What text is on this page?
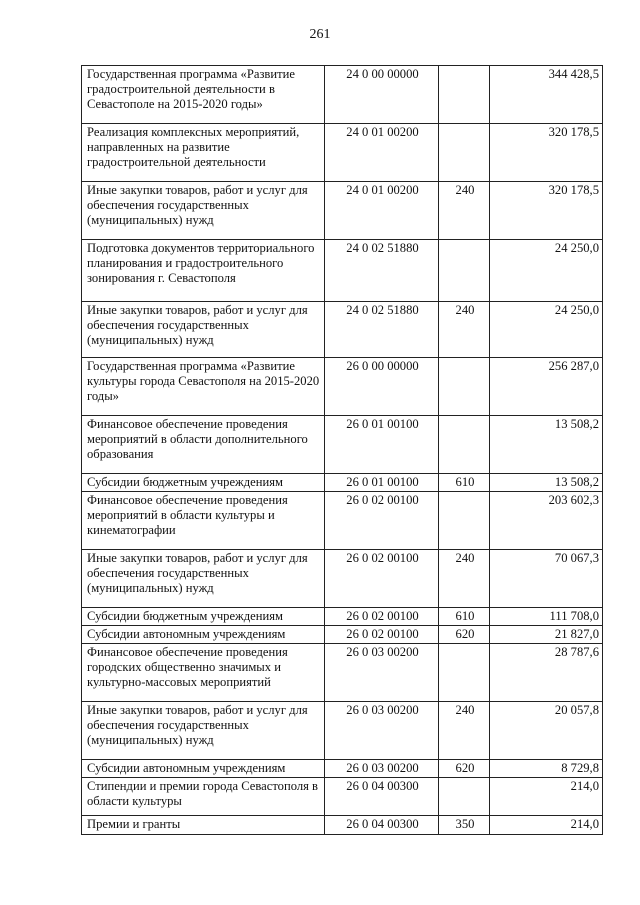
261
Государственная программа «Развитие градостроительной деятельности в Севастополе на 2015-2020 годы»	24 0 00 00000		344 428,5
Реализация комплексных мероприятий, направленных на развитие градостроительной деятельности	24 0 01 00200		320 178,5
Иные закупки товаров, работ и услуг для обеспечения государственных (муниципальных) нужд	24 0 01 00200	240	320 178,5
Подготовка документов территориального планирования и градостроительного зонирования г. Севастополя	24 0 02 51880		24 250,0
Иные закупки товаров, работ и услуг для обеспечения государственных (муниципальных) нужд	24 0 02 51880	240	24 250,0
Государственная программа «Развитие культуры города Севастополя на 2015-2020 годы»	26 0 00 00000		256 287,0
Финансовое обеспечение проведения мероприятий в области дополнительного образования	26 0 01 00100		13 508,2
Субсидии бюджетным учреждениям	26 0 01 00100	610	13 508,2
Финансовое обеспечение проведения мероприятий в области культуры и кинематографии	26 0 02 00100		203 602,3
Иные закупки товаров, работ и услуг для обеспечения государственных (муниципальных) нужд	26 0 02 00100	240	70 067,3
Субсидии бюджетным учреждениям	26 0 02 00100	610	111 708,0
Субсидии автономным учреждениям	26 0 02 00100	620	21 827,0
Финансовое обеспечение проведения городских общественно значимых и культурно-массовых мероприятий	26 0 03 00200		28 787,6
Иные закупки товаров, работ и услуг для обеспечения государственных (муниципальных) нужд	26 0 03 00200	240	20 057,8
Субсидии автономным учреждениям	26 0 03 00200	620	8 729,8
Стипендии и премии города Севастополя в области культуры	26 0 04 00300		214,0
Премии и гранты	26 0 04 00300	350	214,0
